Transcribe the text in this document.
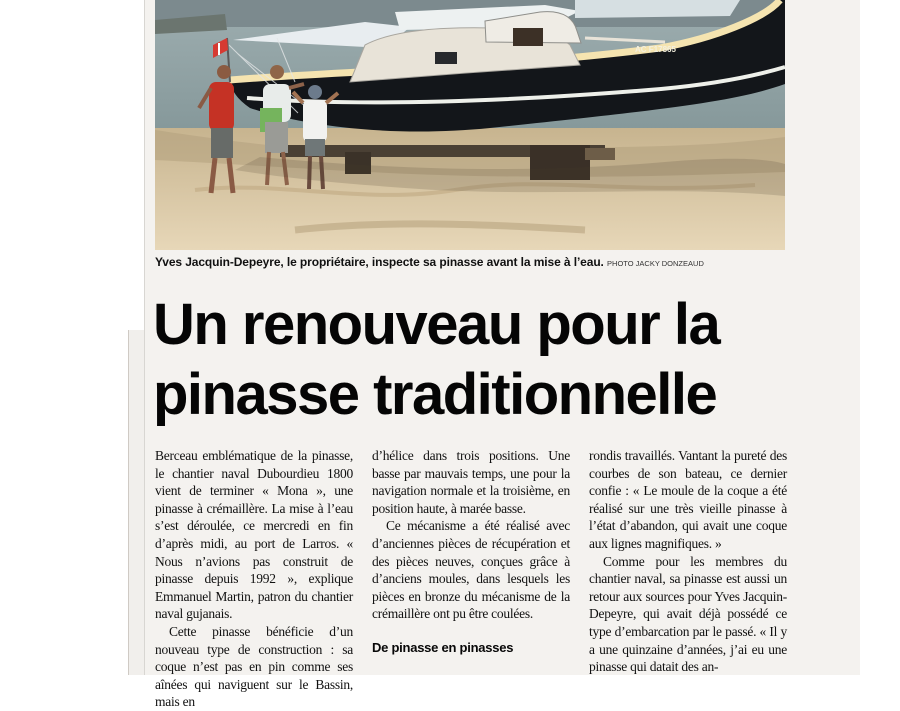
AC F17865
Yves Jacquin-Depeyre, le propriétaire, inspecte sa pinasse avant la mise à l’eau. PHOTO JACKY DONZEAUD
Un renouveau pour la pinasse traditionnelle

Berceau emblématique de la pinasse, le chantier naval Dubourdieu 1800 vient de terminer « Mona », une pinasse à crémaillère. La mise à l’eau s’est déroulée, ce mercredi en fin d’après midi, au port de Larros. « Nous n’avions pas construit de pinasse depuis 1992 », explique Emmanuel Martin, patron du chantier naval gujanais.

Cette pinasse bénéficie d’un nouveau type de construction : sa coque n’est pas en pin comme ses aînées qui naviguent sur le Bassin, mais en

d’hélice dans trois positions. Une basse par mauvais temps, une pour la navigation normale et la troisième, en position haute, à marée basse.

Ce mécanisme a été réalisé avec d’anciennes pièces de récupération et des pièces neuves, conçues grâce à d’anciens moules, dans lesquels les pièces en bronze du mécanisme de la crémaillère ont pu être coulées.

De pinasse en pinasses

rondis travaillés. Vantant la pureté des courbes de son bateau, ce dernier confie : « Le moule de la coque a été réalisé sur une très vieille pinasse à l’état d’abandon, qui avait une coque aux lignes magnifiques. »

Comme pour les membres du chantier naval, sa pinasse est aussi un retour aux sources pour Yves Jacquin-Depeyre, qui avait déjà possédé ce type d’embarcation par le passé. « Il y a une quinzaine d’années, j’ai eu une pinasse qui datait des an-
